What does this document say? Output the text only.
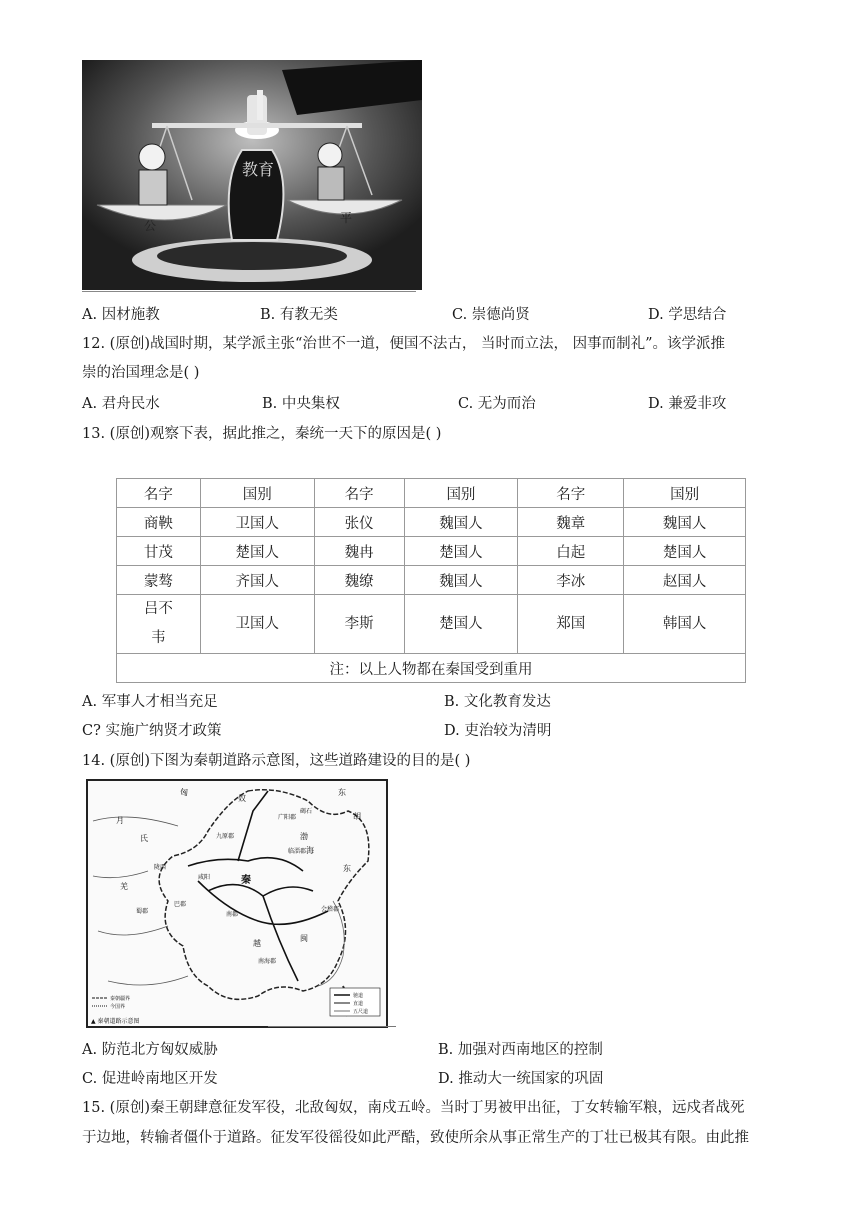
教育
公
平
A. 因材施教	B. 有教无类	C. 崇德尚贤	D. 学思结合
12. (原创)战国时期，某学派主张“治世不一道，便国不法古， 当时而立法， 因事而制礼”。该学派推
崇的治国理念是( )
A. 君舟民水	B. 中央集权	C. 无为而治	D. 兼爱非攻
13. (原创)观察下表，据此推之，秦统一天下的原因是( )
名字	国别	名字	国别	名字	国别
商鞅	卫国人	张仪	魏国人	魏章	魏国人
甘茂	楚国人	魏冉	楚国人	白起	楚国人
蒙骜	齐国人	魏缭	魏国人	李冰	赵国人
吕不
韦	卫国人	李斯	楚国人	郑国	韩国人
注：以上人物都在秦国受到重用					
A. 军事人才相当充足	B. 文化教育发达
C? 实施广纳贤才政策	D. 吏治较为清明
14. (原创)下图为秦朝道路示意图，这些道路建设的目的是( )
匈
奴
东
胡
月
氏	九原郡
碣石
广阳郡
羌
咸阳	秦
临淄郡
陇西
巴郡
蜀郡	南郡
会稽郡
越
南海郡
闽
渤
海
东
秦朝疆界
今国界
驰道
直道
五尺道
▲ 秦朝道路示意图
A. 防范北方匈奴威胁	B. 加强对西南地区的控制
C. 促进岭南地区开发	D. 推动大一统国家的巩固
15. (原创)秦王朝肆意征发军役，北敌匈奴，南戍五岭。当时丁男被甲出征，丁女转输军粮，远戍者战死
于边地，转输者僵仆于道路。征发军役徭役如此严酷，致使所余从事正常生产的丁壮已极其有限。由此推
